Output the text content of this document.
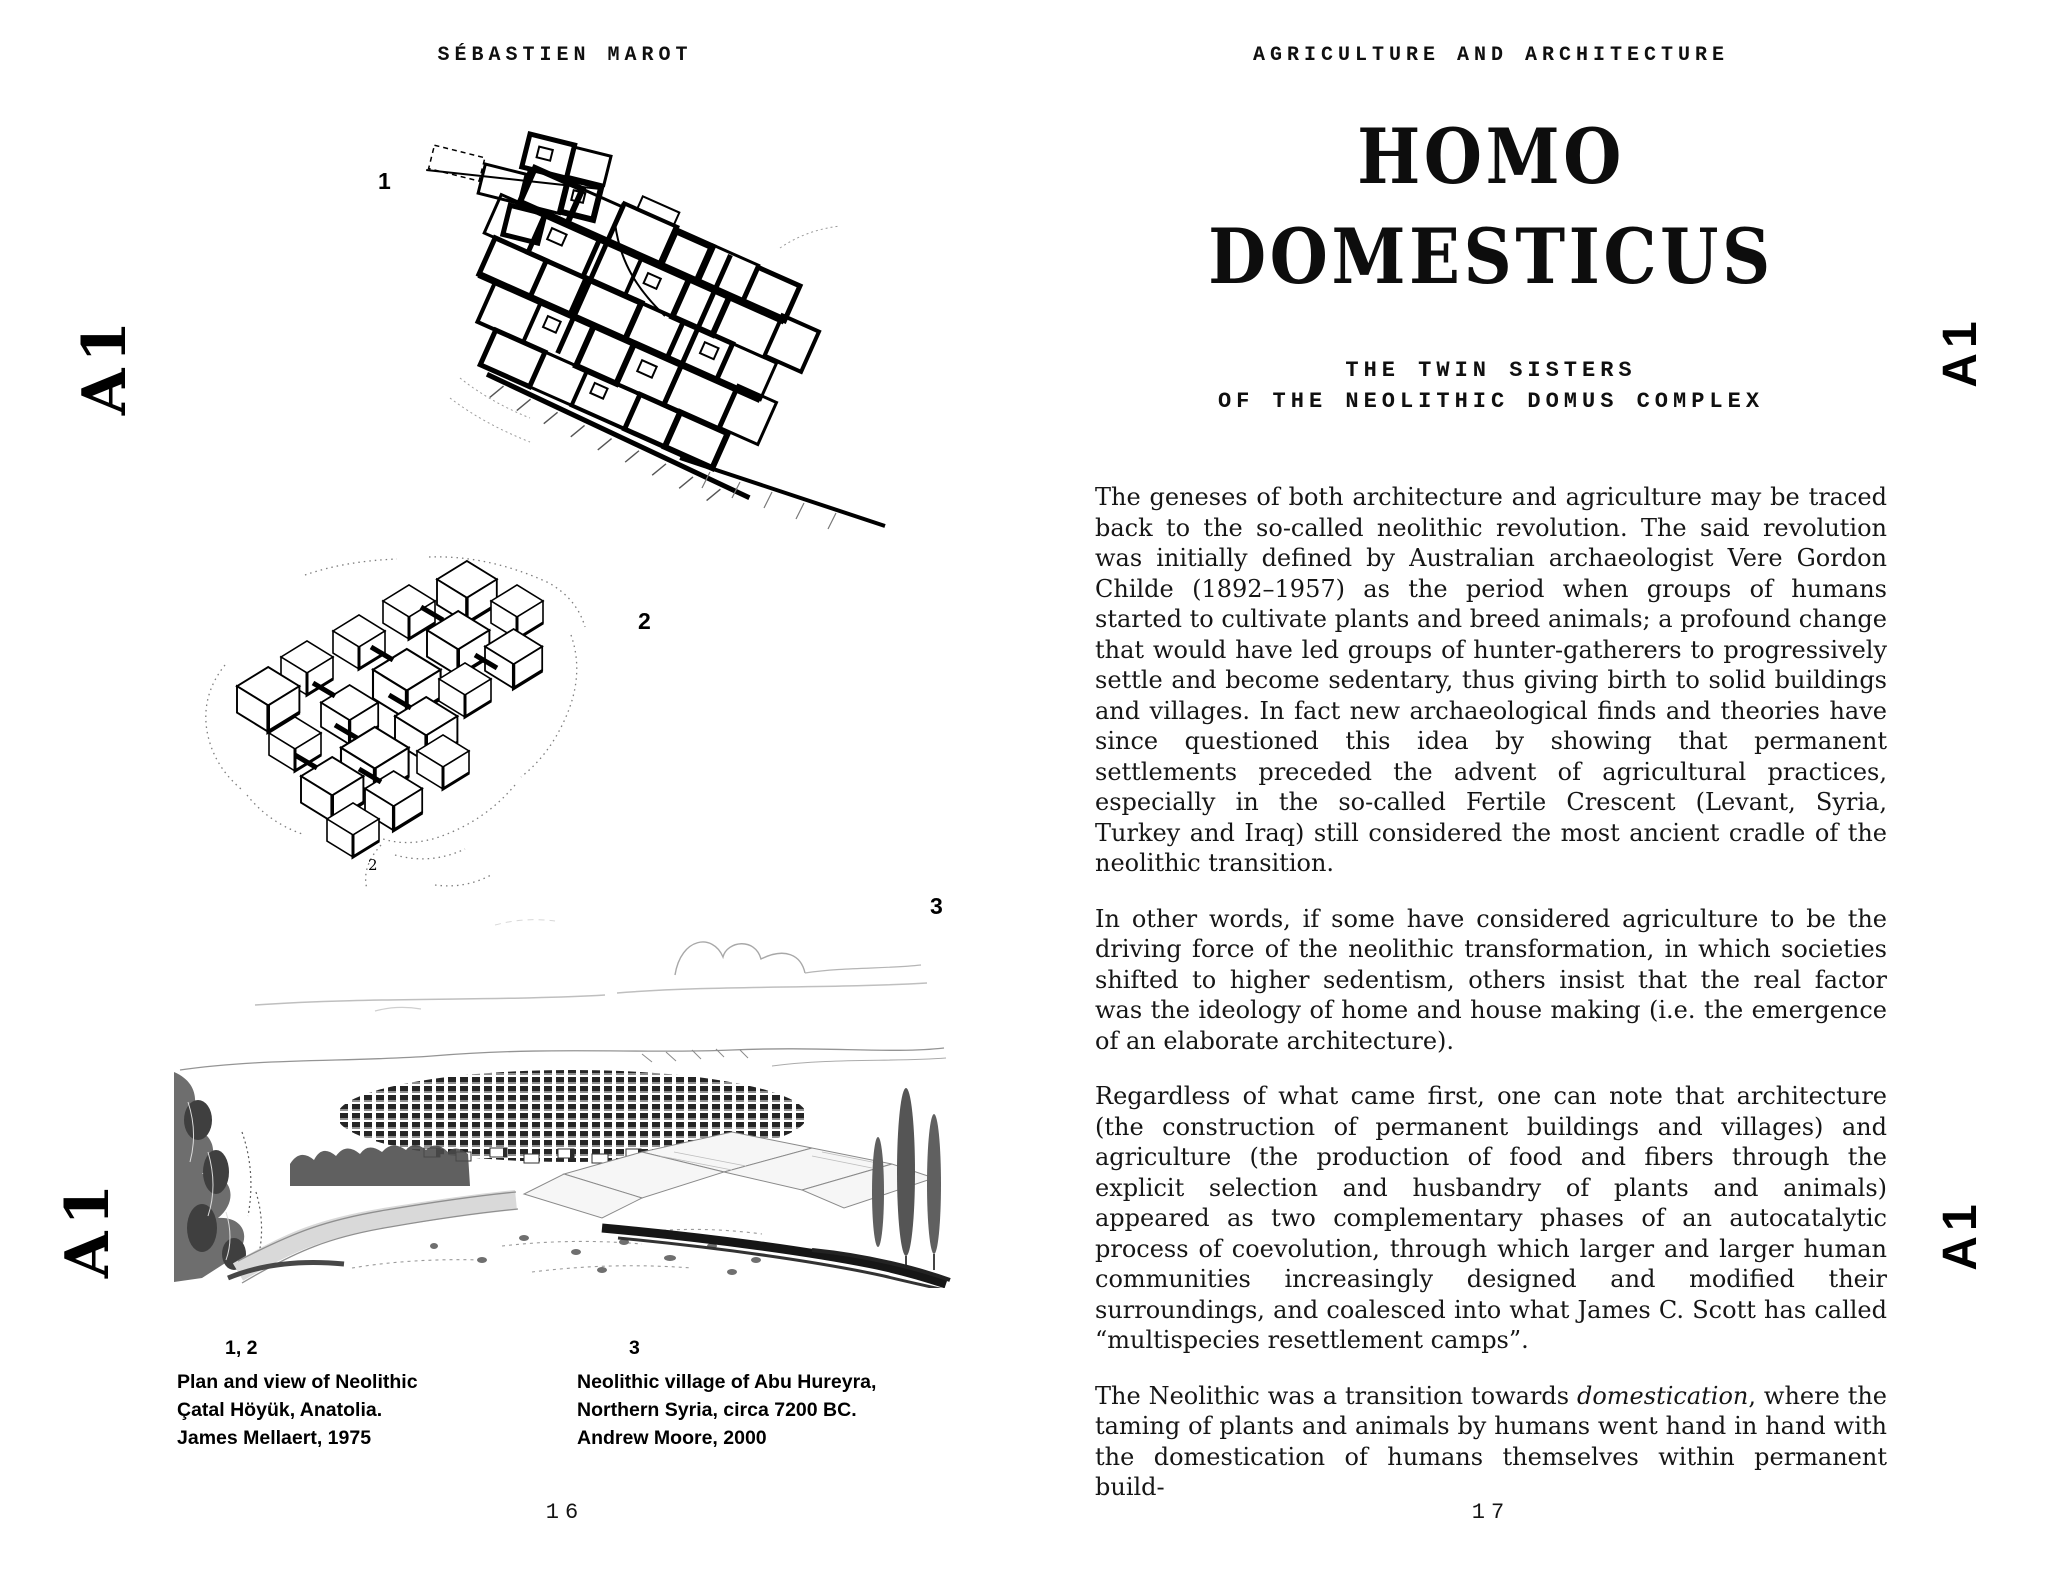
SÉBASTIEN MAROT
1
2
2
3
1, 2
Plan and view of Neolithic
Çatal Höyük, Anatolia.
James Mellaert, 1975
3
Neolithic village of Abu Hureyra,
Northern Syria, circa 7200 BC.
Andrew Moore, 2000
16
AGRICULTURE AND ARCHITECTURE
HOMO
DOMESTICUS
THE TWIN SISTERS
OF THE NEOLITHIC DOMUS COMPLEX

The geneses of both architecture and agriculture may be traced back to the so-called neolithic revolution. The said revolution was initially defined by Australian archaeologist Vere Gordon Childe (1892–1957) as the period when groups of humans started to cultivate plants and breed animals; a profound change that would have led groups of hunter-gatherers to progressively settle and become sedentary, thus giving birth to solid buildings and villages. In fact new archaeological finds and theories have since questioned this idea by showing that permanent settlements preceded the advent of agricultural practices, especially in the so-called Fertile Crescent (Levant, Syria, Turkey and Iraq) still considered the most ancient cradle of the neolithic transition.

In other words, if some have considered agriculture to be the driving force of the neolithic transformation, in which societies shifted to higher sedentism, others insist that the real factor was the ideology of home and house making (i.e. the emergence of an elaborate architecture).

Regardless of what came first, one can note that architecture (the construction of permanent buildings and villages) and agriculture (the production of food and fibers through the explicit selection and husbandry of plants and animals) appeared as two complementary phases of an autocatalytic process of coevolution, through which larger and larger human communities increasingly designed and modified their surroundings, and coalesced into what James C. Scott has called “multispecies resettlement camps”.

The Neolithic was a transition towards domestication, where the taming of plants and animals by humans went hand in hand with the domestication of humans themselves within permanent build-

17
A1
A1
A1
A1
